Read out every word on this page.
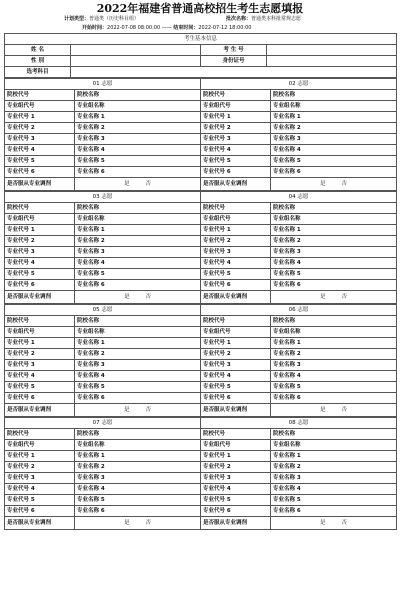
2022年福建省普通高校招生考生志愿填报
计划类型：普通类（历史科目组）	批次名称：普通类本科批常规志愿
开始时间：2022-07-08 08:00:00 —— 结束时间：2022-07-12 18:00:00
考生基本信息			
姓 名		考 生 号	
性 别		身份证号	
选考科目			
01 志愿		02 志愿	
院校代号	院校名称	院校代号	院校名称
专业组代号	专业组名称	专业组代号	专业组名称
专业代号 1	专业名称 1	专业代号 1	专业名称 1
专业代号 2	专业名称 2	专业代号 2	专业名称 2
专业代号 3	专业名称 3	专业代号 3	专业名称 3
专业代号 4	专业名称 4	专业代号 4	专业名称 4
专业代号 5	专业名称 5	专业代号 5	专业名称 5
专业代号 6	专业名称 6	专业代号 6	专业名称 6
是否服从专业调剂	是 否	是否服从专业调剂	是 否
03 志愿		04 志愿	
院校代号	院校名称	院校代号	院校名称
专业组代号	专业组名称	专业组代号	专业组名称
专业代号 1	专业名称 1	专业代号 1	专业名称 1
专业代号 2	专业名称 2	专业代号 2	专业名称 2
专业代号 3	专业名称 3	专业代号 3	专业名称 3
专业代号 4	专业名称 4	专业代号 4	专业名称 4
专业代号 5	专业名称 5	专业代号 5	专业名称 5
专业代号 6	专业名称 6	专业代号 6	专业名称 6
是否服从专业调剂	是 否	是否服从专业调剂	是 否
05 志愿		06 志愿	
院校代号	院校名称	院校代号	院校名称
专业组代号	专业组名称	专业组代号	专业组名称
专业代号 1	专业名称 1	专业代号 1	专业名称 1
专业代号 2	专业名称 2	专业代号 2	专业名称 2
专业代号 3	专业名称 3	专业代号 3	专业名称 3
专业代号 4	专业名称 4	专业代号 4	专业名称 4
专业代号 5	专业名称 5	专业代号 5	专业名称 5
专业代号 6	专业名称 6	专业代号 6	专业名称 6
是否服从专业调剂	是 否	是否服从专业调剂	是 否
07 志愿		08 志愿	
院校代号	院校名称	院校代号	院校名称
专业组代号	专业组名称	专业组代号	专业组名称
专业代号 1	专业名称 1	专业代号 1	专业名称 1
专业代号 2	专业名称 2	专业代号 2	专业名称 2
专业代号 3	专业名称 3	专业代号 3	专业名称 3
专业代号 4	专业名称 4	专业代号 4	专业名称 4
专业代号 5	专业名称 5	专业代号 5	专业名称 5
专业代号 6	专业名称 6	专业代号 6	专业名称 6
是否服从专业调剂	是 否	是否服从专业调剂	是 否
